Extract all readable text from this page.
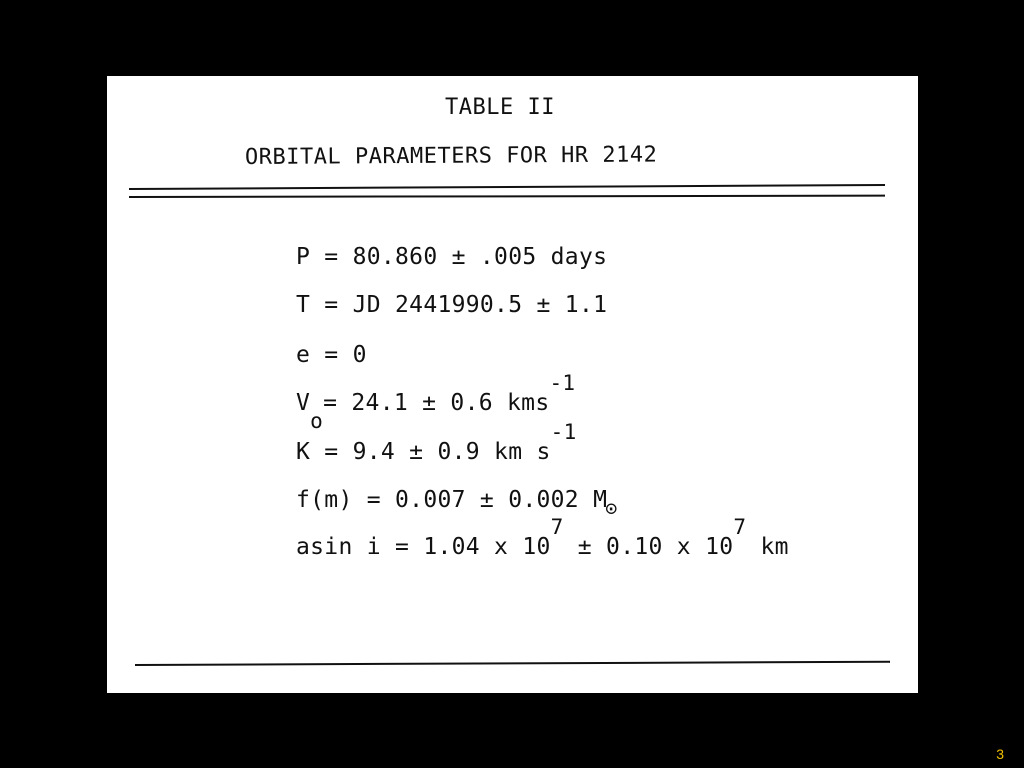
TABLE II
ORBITAL PARAMETERS FOR HR 2142
P = 80.860 ± .005 days
T = JD 2441990.5 ± 1.1
e = 0
Vo= 24.1 ± 0.6 kms-1
K = 9.4 ± 0.9 km s-1
f(m) = 0.007 ± 0.002 M⊙
asin i = 1.04 x 107 ± 0.10 x 107 km
3
